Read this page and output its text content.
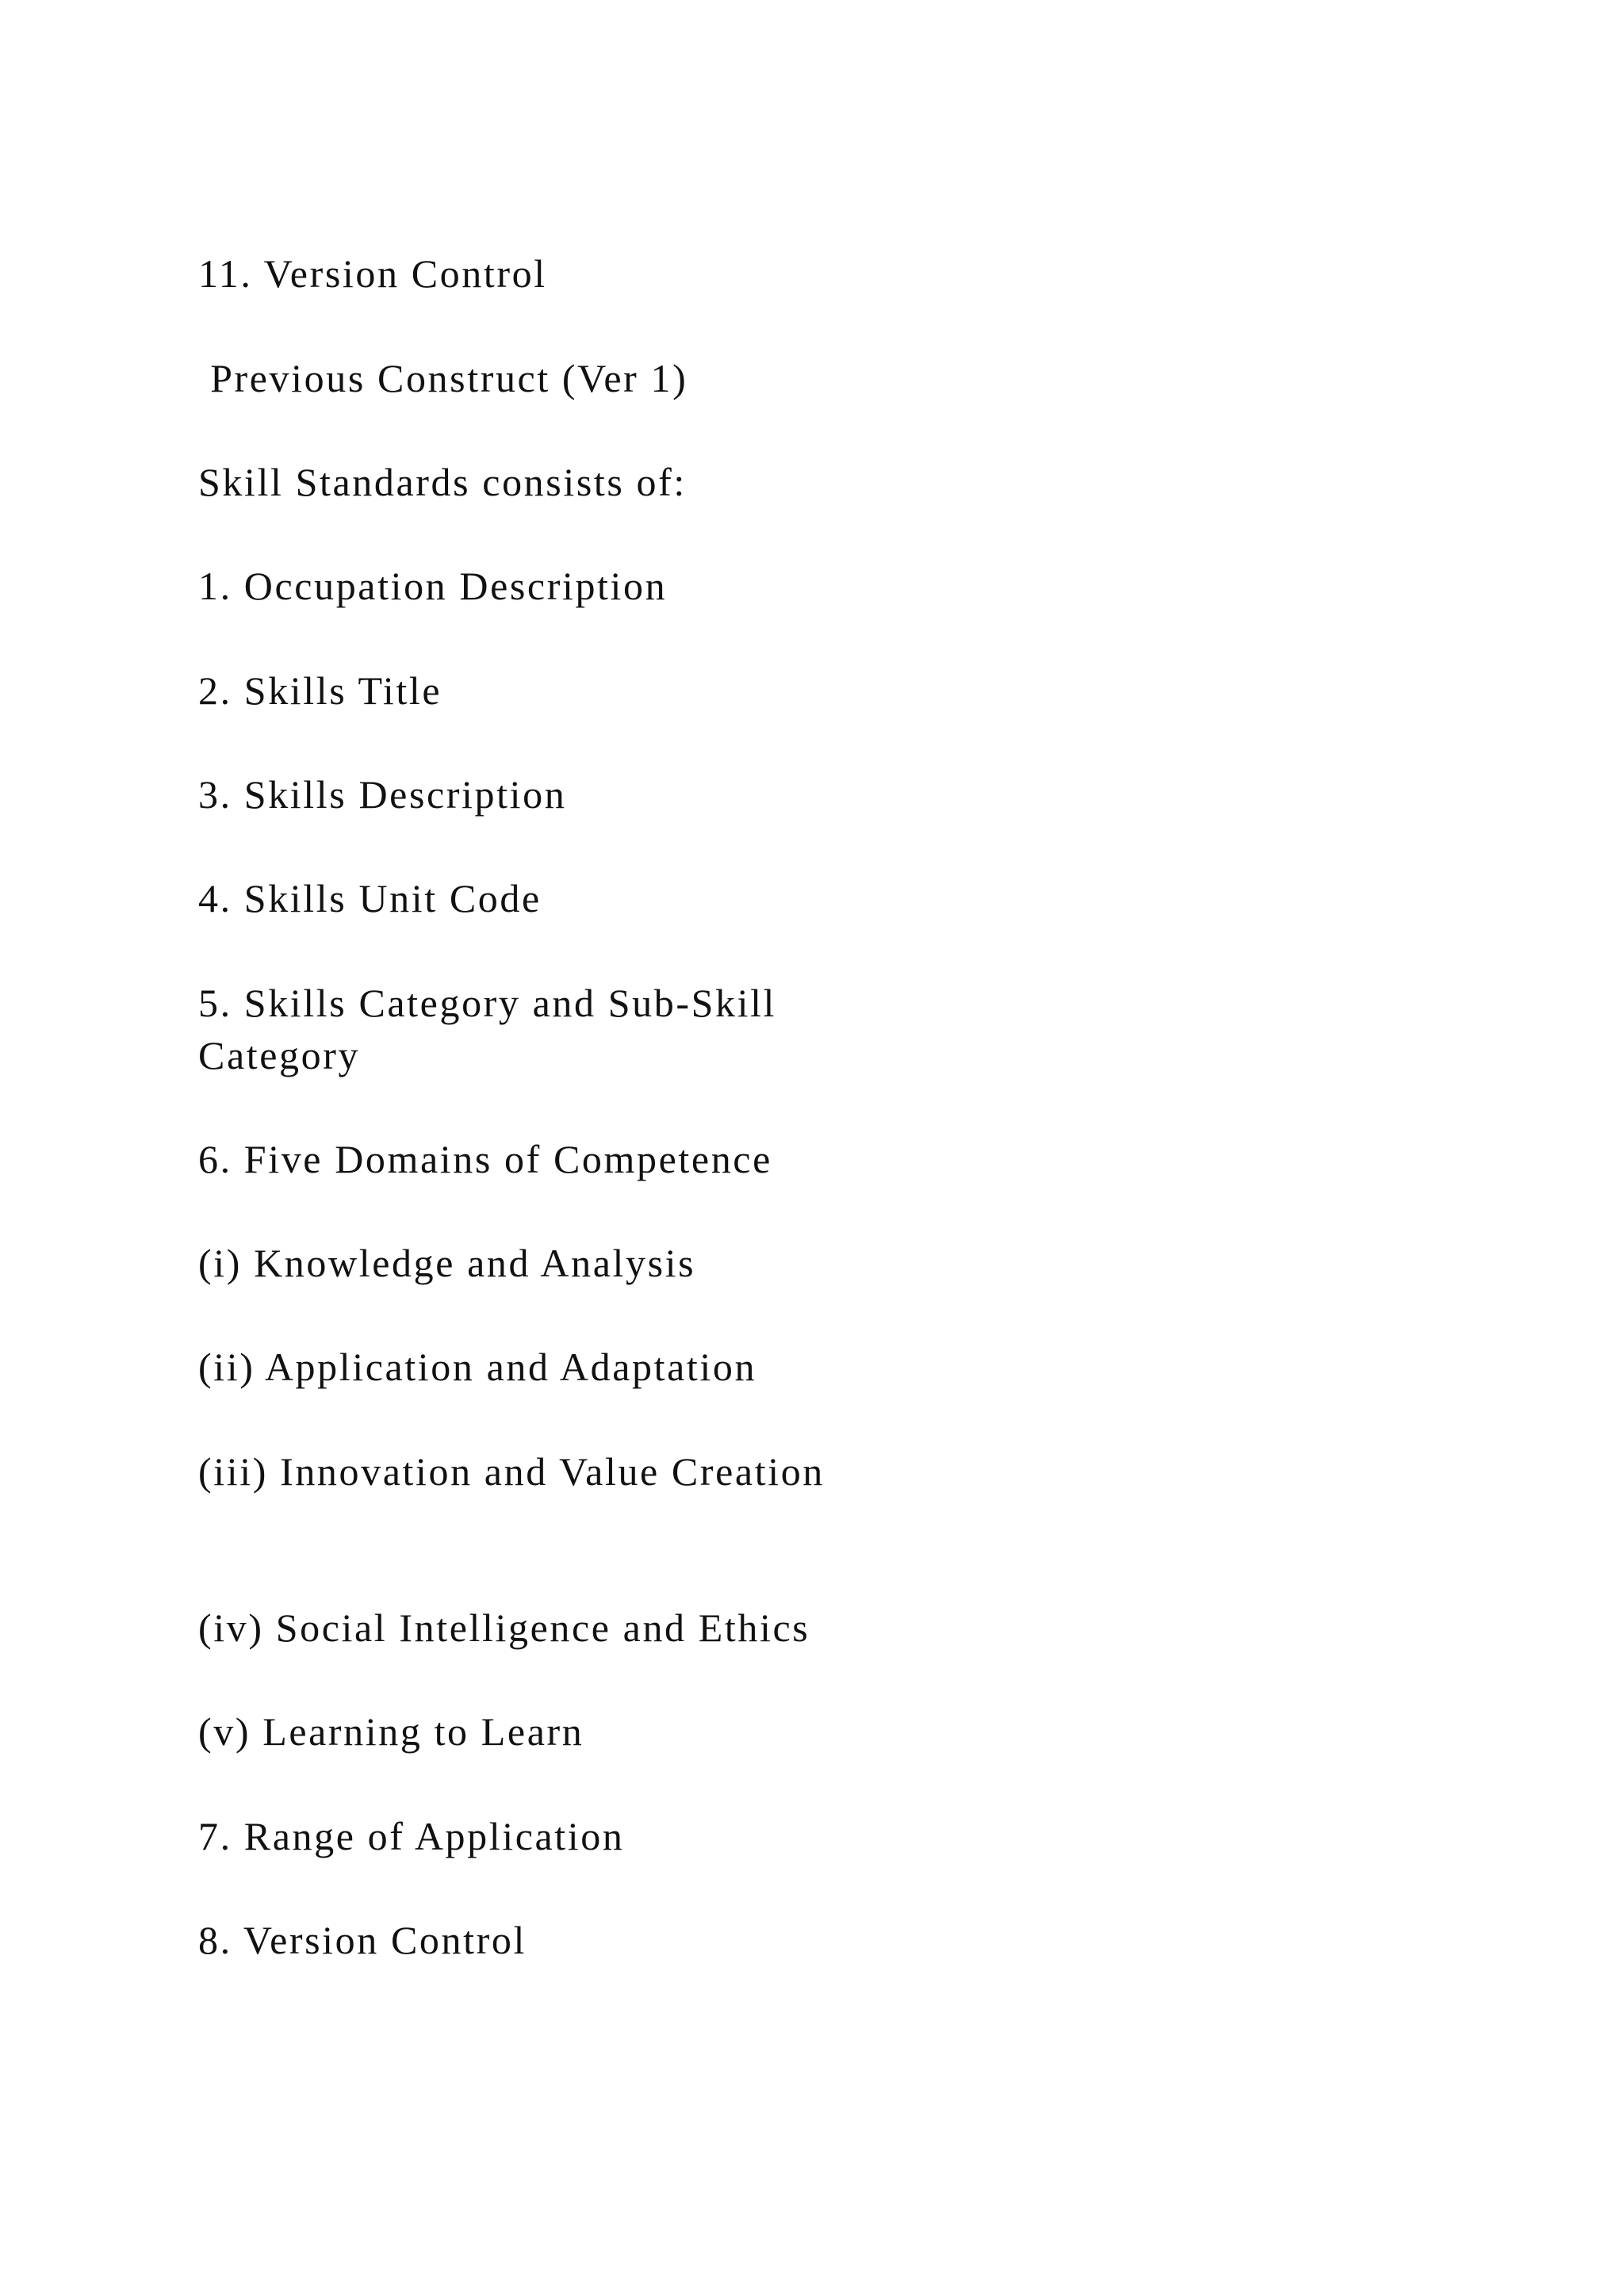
11. Version Control

Previous Construct (Ver 1)

Skill Standards consists of:

1. Occupation Description

2. Skills Title

3. Skills Description

4. Skills Unit Code

5. Skills Category and Sub-Skill Category

6. Five Domains of Competence

(i) Knowledge and Analysis

(ii) Application and Adaptation

(iii) Innovation and Value Creation

(iv) Social Intelligence and Ethics

(v) Learning to Learn

7. Range of Application

8. Version Control
